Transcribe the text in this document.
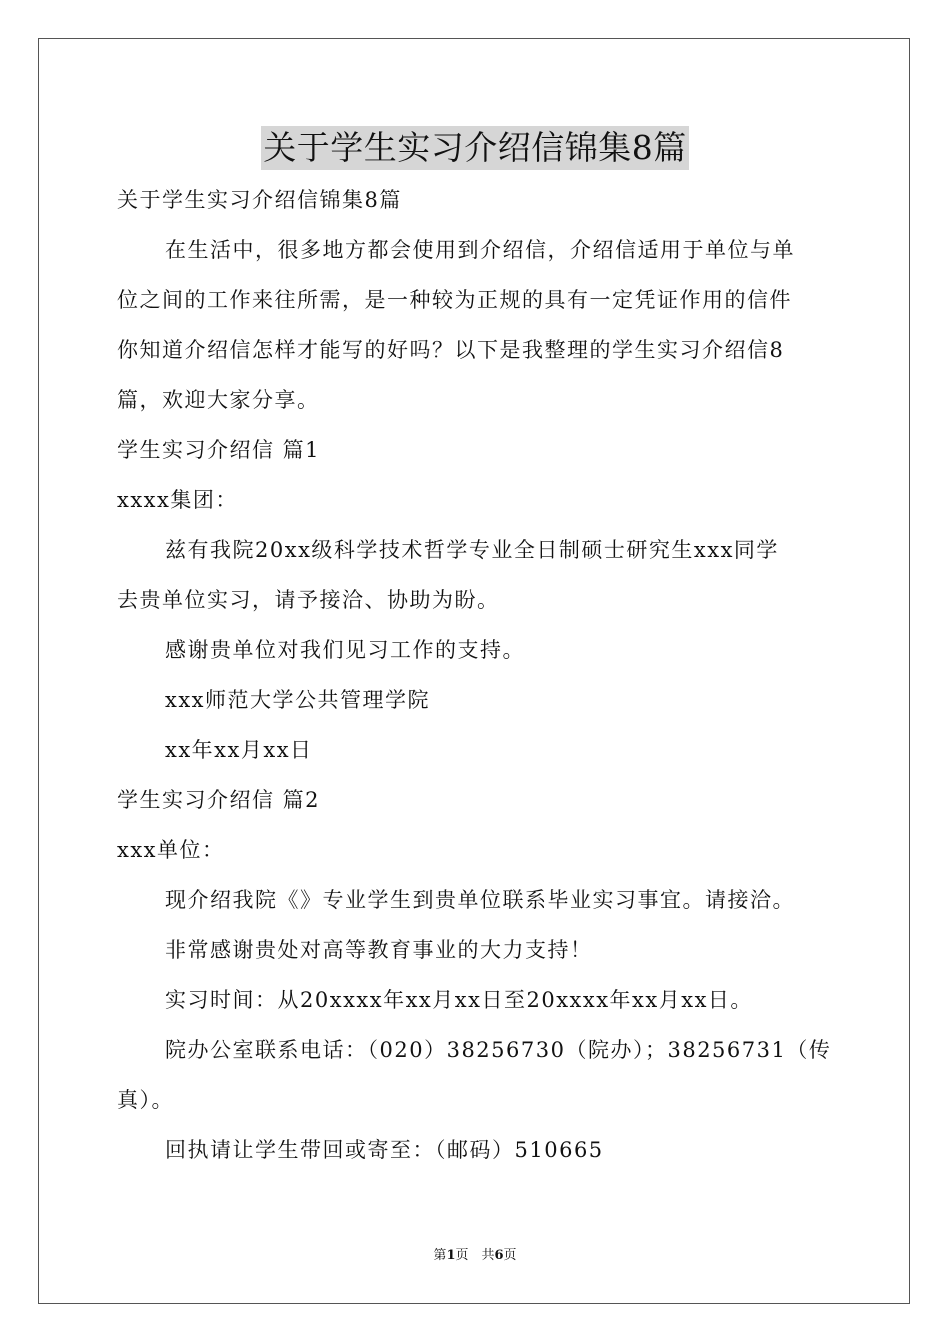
关于学生实习介绍信锦集8篇
关于学生实习介绍信锦集8篇
在生活中，很多地方都会使用到介绍信，介绍信适用于单位与单
位之间的工作来往所需，是一种较为正规的具有一定凭证作用的信件
你知道介绍信怎样才能写的好吗？以下是我整理的学生实习介绍信8
篇，欢迎大家分享。
学生实习介绍信 篇1
xxxx集团：
兹有我院20xx级科学技术哲学专业全日制硕士研究生xxx同学
去贵单位实习，请予接洽、协助为盼。
感谢贵单位对我们见习工作的支持。
xxx师范大学公共管理学院
xx年xx月xx日
学生实习介绍信 篇2
xxx单位：
现介绍我院《》专业学生到贵单位联系毕业实习事宜。请接洽。
非常感谢贵处对高等教育事业的大力支持！
实习时间：从20xxxx年xx月xx日至20xxxx年xx月xx日。
院办公室联系电话：（020）38256730（院办）；38256731（传
真）。
回执请让学生带回或寄至：（邮码）510665
第1页　共6页
